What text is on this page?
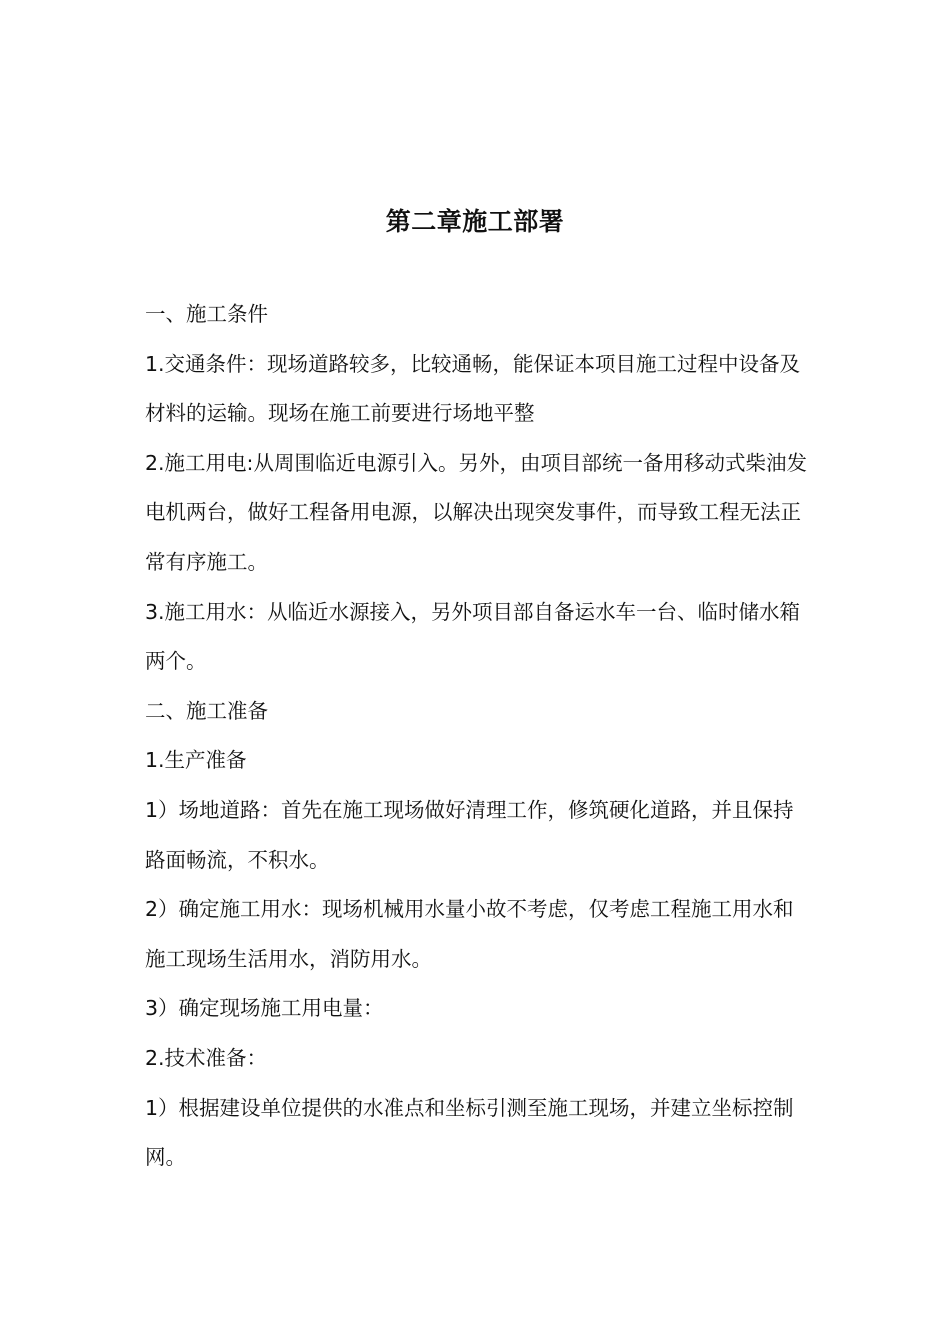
第二章施工部署

一、施工条件

1.交通条件：现场道路较多，比较通畅，能保证本项目施工过程中设备及材料的运输。现场在施工前要进行场地平整

2.施工用电:从周围临近电源引入。另外，由项目部统一备用移动式柴油发电机两台，做好工程备用电源，以解决出现突发事件，而导致工程无法正常有序施工。

3.施工用水：从临近水源接入，另外项目部自备运水车一台、临时储水箱两个。

二、施工准备

1.生产准备

1）场地道路：首先在施工现场做好清理工作，修筑硬化道路，并且保持路面畅流，不积水。

2）确定施工用水：现场机械用水量小故不考虑，仅考虑工程施工用水和施工现场生活用水，消防用水。

3）确定现场施工用电量：

2.技术准备：

1）根据建设单位提供的水准点和坐标引测至施工现场，并建立坐标控制网。
